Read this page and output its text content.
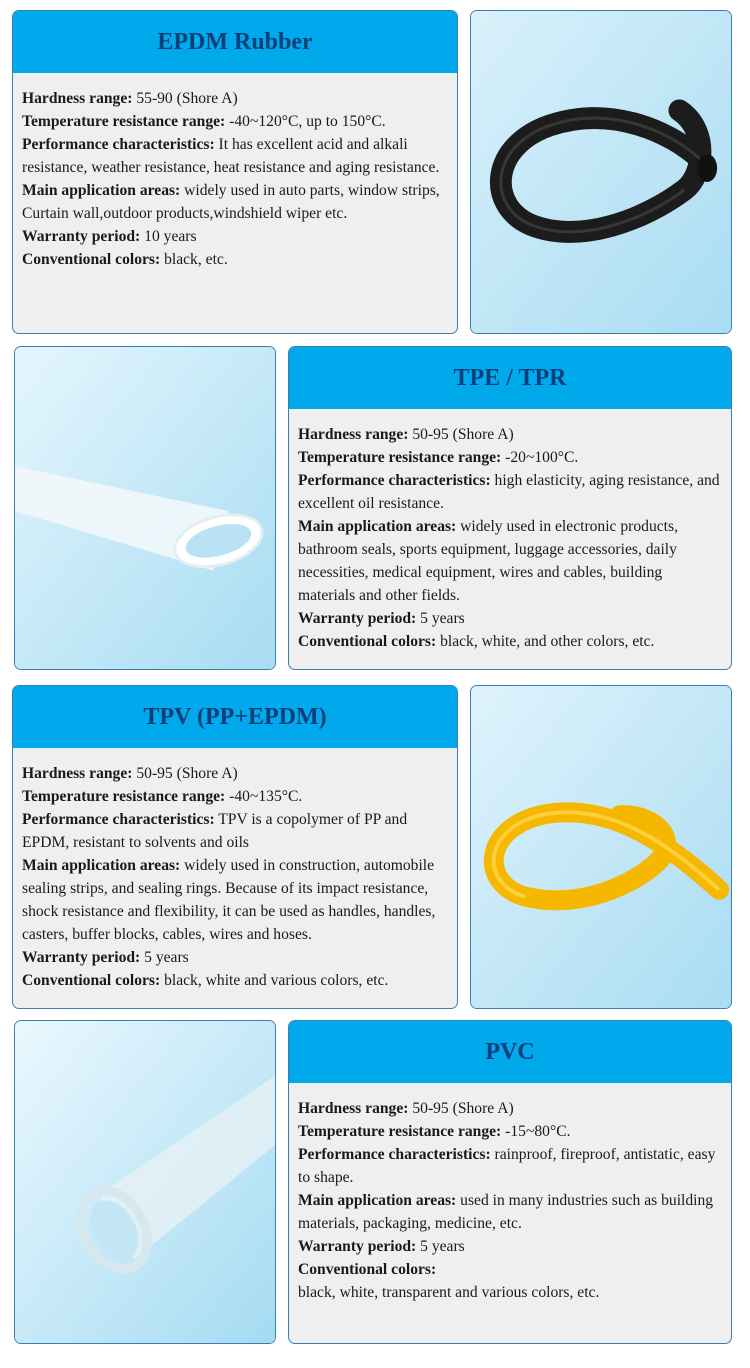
EPDM Rubber

Hardness range: 55-90 (Shore A)

Temperature resistance range: -40~120°C, up to 150°C.

Performance characteristics: It has excellent acid and alkali resistance, weather resistance, heat resistance and aging resistance.

Main application areas: widely used in auto parts, window strips, Curtain wall,outdoor products,windshield wiper etc.

Warranty period: 10 years

Conventional colors: black, etc.

TPE / TPR

Hardness range: 50-95 (Shore A)

Temperature resistance range: -20~100°C.

Performance characteristics: high elasticity, aging resistance, and excellent oil resistance.

Main application areas: widely used in electronic products, bathroom seals, sports equipment, luggage accessories, daily necessities, medical equipment, wires and cables, building materials and other fields.

Warranty period: 5 years

Conventional colors: black, white, and other colors, etc.

TPV (PP+EPDM)

Hardness range: 50-95 (Shore A)

Temperature resistance range: -40~135°C.

Performance characteristics: TPV is a copolymer of PP and EPDM, resistant to solvents and oils

Main application areas: widely used in construction, automobile sealing strips, and sealing rings. Because of its impact resistance, shock resistance and flexibility, it can be used as handles, handles, casters, buffer blocks, cables, wires and hoses.

Warranty period: 5 years

Conventional colors: black, white and various colors, etc.

PVC

Hardness range: 50-95 (Shore A)

Temperature resistance range: -15~80°C.

Performance characteristics: rainproof, fireproof, antistatic, easy to shape.

Main application areas: used in many industries such as building materials, packaging, medicine, etc.

Warranty period: 5 years

Conventional colors:

black, white, transparent and various colors, etc.
